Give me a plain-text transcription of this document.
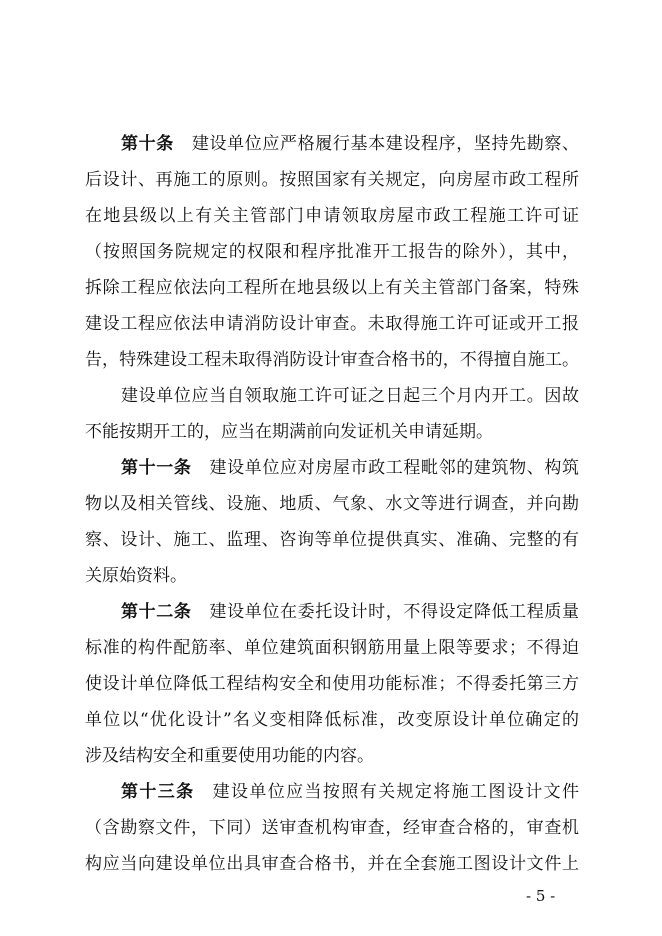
第十条 建设单位应严格履行基本建设程序，坚持先勘察、
后设计、再施工的原则。按照国家有关规定，向房屋市政工程所
在地县级以上有关主管部门申请领取房屋市政工程施工许可证
（按照国务院规定的权限和程序批准开工报告的除外），其中，
拆除工程应依法向工程所在地县级以上有关主管部门备案，特殊
建设工程应依法申请消防设计审查。未取得施工许可证或开工报
告，特殊建设工程未取得消防设计审查合格书的，不得擅自施工。
建设单位应当自领取施工许可证之日起三个月内开工。因故
不能按期开工的，应当在期满前向发证机关申请延期。
第十一条 建设单位应对房屋市政工程毗邻的建筑物、构筑
物以及相关管线、设施、地质、气象、水文等进行调查，并向勘
察、设计、施工、监理、咨询等单位提供真实、准确、完整的有
关原始资料。
第十二条 建设单位在委托设计时，不得设定降低工程质量
标准的构件配筋率、单位建筑面积钢筋用量上限等要求；不得迫
使设计单位降低工程结构安全和使用功能标准；不得委托第三方
单位以“优化设计”名义变相降低标准，改变原设计单位确定的
涉及结构安全和重要使用功能的内容。
第十三条 建设单位应当按照有关规定将施工图设计文件
（含勘察文件，下同）送审查机构审查，经审查合格的，审查机
构应当向建设单位出具审查合格书，并在全套施工图设计文件上
- 5 -
